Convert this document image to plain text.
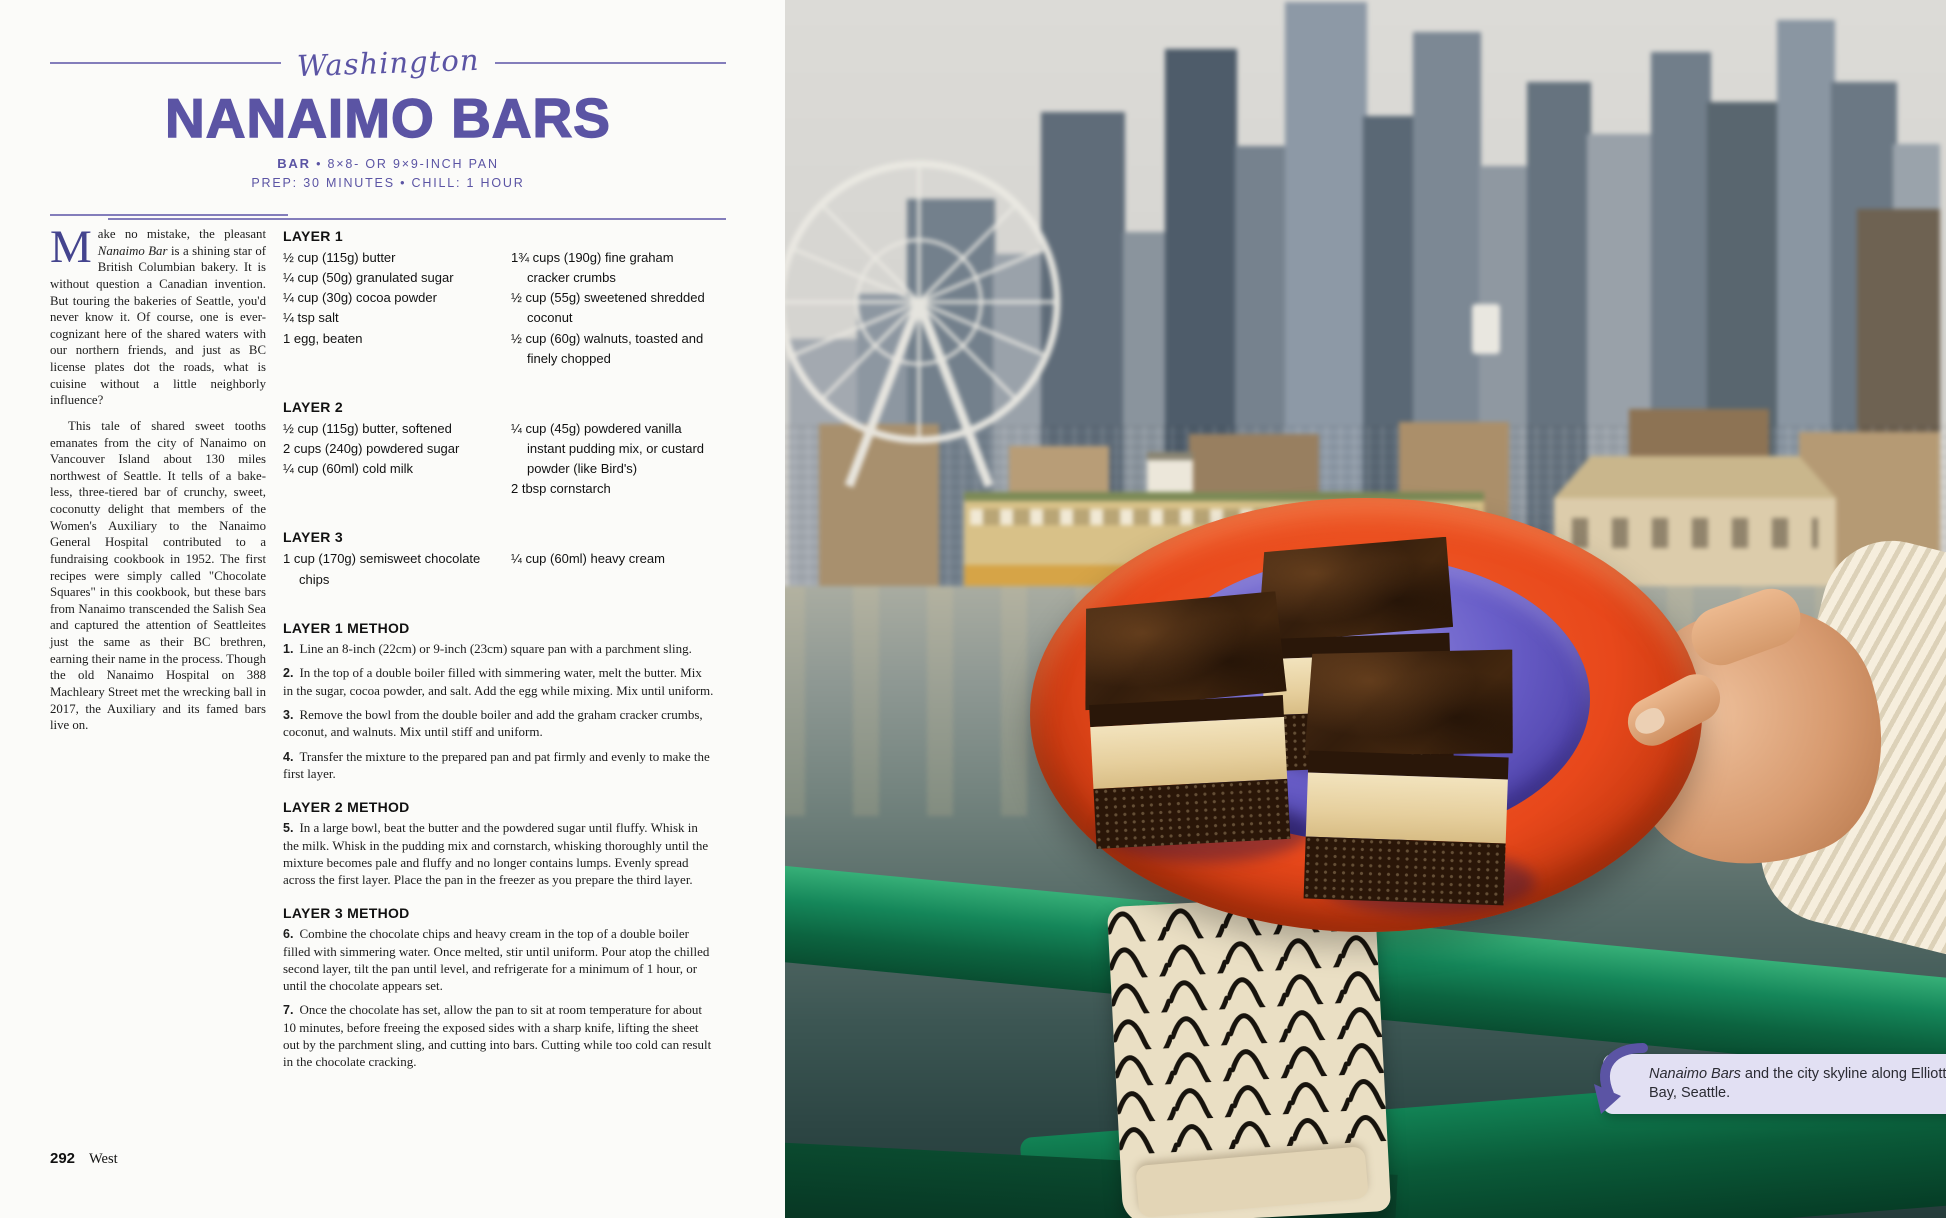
Washington
NANAIMO BARS
BAR • 8×8- OR 9×9-INCH PAN
PREP: 30 MINUTES • CHILL: 1 HOUR

Make no mistake, the pleasant Nanaimo Bar is a shining star of British Columbian bakery. It is without question a Canadian invention. But touring the bakeries of Seattle, you'd never know it. Of course, one is ever-cognizant here of the shared waters with our northern friends, and just as BC license plates dot the roads, what is cuisine without a little neighborly influence?

This tale of shared sweet tooths emanates from the city of Nanaimo on Vancouver Island about 130 miles northwest of Seattle. It tells of a bake-less, three-tiered bar of crunchy, sweet, coconutty delight that members of the Women's Auxiliary to the Nanaimo General Hospital contributed to a fundraising cookbook in 1952. The first recipes were simply called "Chocolate Squares" in this cookbook, but these bars from Nanaimo transcended the Salish Sea and captured the attention of Seattleites just the same as their BC brethren, earning their name in the process. Though the old Nanaimo Hospital on 388 Machleary Street met the wrecking ball in 2017, the Auxiliary and its famed bars live on.

LAYER 1
½ cup (115g) butter
¼ cup (50g) granulated sugar
¼ cup (30g) cocoa powder
¼ tsp salt
1 egg, beaten
1¾ cups (190g) fine graham cracker crumbs
½ cup (55g) sweetened shredded coconut
½ cup (60g) walnuts, toasted and finely chopped
LAYER 2
½ cup (115g) butter, softened
2 cups (240g) powdered sugar
¼ cup (60ml) cold milk
¼ cup (45g) powdered vanilla instant pudding mix, or custard powder (like Bird's)
2 tbsp cornstarch
LAYER 3
1 cup (170g) semisweet chocolate chips
¼ cup (60ml) heavy cream
LAYER 1 METHOD

1. Line an 8-inch (22cm) or 9-inch (23cm) square pan with a parchment sling.

2. In the top of a double boiler filled with simmering water, melt the butter. Mix in the sugar, cocoa powder, and salt. Add the egg while mixing. Mix until uniform.

3. Remove the bowl from the double boiler and add the graham cracker crumbs, coconut, and walnuts. Mix until stiff and uniform.

4. Transfer the mixture to the prepared pan and pat firmly and evenly to make the first layer.

LAYER 2 METHOD

5. In a large bowl, beat the butter and the powdered sugar until fluffy. Whisk in the milk. Whisk in the pudding mix and cornstarch, whisking thoroughly until the mixture becomes pale and fluffy and no longer contains lumps. Evenly spread across the first layer. Place the pan in the freezer as you prepare the third layer.

LAYER 3 METHOD

6. Combine the chocolate chips and heavy cream in the top of a double boiler filled with simmering water. Once melted, stir until uniform. Pour atop the chilled second layer, tilt the pan until level, and refrigerate for a minimum of 1 hour, or until the chocolate appears set.

7. Once the chocolate has set, allow the pan to sit at room temperature for about 10 minutes, before freeing the exposed sides with a sharp knife, lifting the sheet out by the parchment sling, and cutting into bars. Cutting while too cold can result in the chocolate cracking.

292 West

Nanaimo Bars and the city skyline along Elliott Bay, Seattle.
